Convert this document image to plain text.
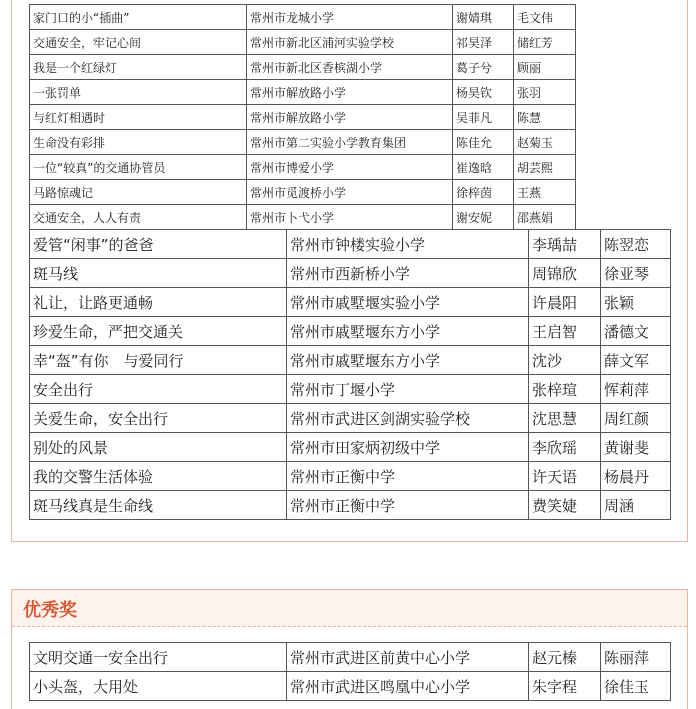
家门口的小“插曲”	常州市龙城小学	谢婧琪	毛文伟
交通安全，牢记心间	常州市新北区浦河实验学校	祁昊泽	储红芳
我是一个红绿灯	常州市新北区香槟湖小学	葛子兮	顾丽
一张罚单	常州市解放路小学	杨昊钦	张羽
与红灯相遇时	常州市解放路小学	吴菲凡	陈慧
生命没有彩排	常州市第二实验小学教育集团	陈佳允	赵菊玉
一位“较真”的交通协管员	常州市博爱小学	崔逸晗	胡芸熙
马路惊魂记	常州市觅渡桥小学	徐梓茵	王燕
交通安全，人人有责	常州市卜弋小学	谢安妮	邵燕娟
爱管“闲事”的爸爸	常州市钟楼实验小学	李瑀喆	陈翌恋	
斑马线	常州市西新桥小学	周锦欣	徐亚琴	
礼让，让路更通畅	常州市戚墅堰实验小学	许晨阳	张颖	
珍爱生命，严把交通关	常州市戚墅堰东方小学	王启智	潘德文	
幸“盔”有你　与爱同行	常州市戚墅堰东方小学	沈沙	薛文军	
安全出行	常州市丁堰小学	张梓瑄	恽莉萍	
关爱生命，安全出行	常州市武进区剑湖实验学校	沈思慧	周红颜	
别处的风景	常州市田家炳初级中学	李欣瑶	黄谢斐	
我的交警生活体验	常州市正衡中学	许天语	杨晨丹	
斑马线真是生命线	常州市正衡中学	费笑婕	周涵	
优秀奖
文明交通一安全出行	常州市武进区前黄中心小学	赵元榛	陈丽萍
小头盔，大用处	常州市武进区鸣凰中心小学	朱字程	徐佳玉
